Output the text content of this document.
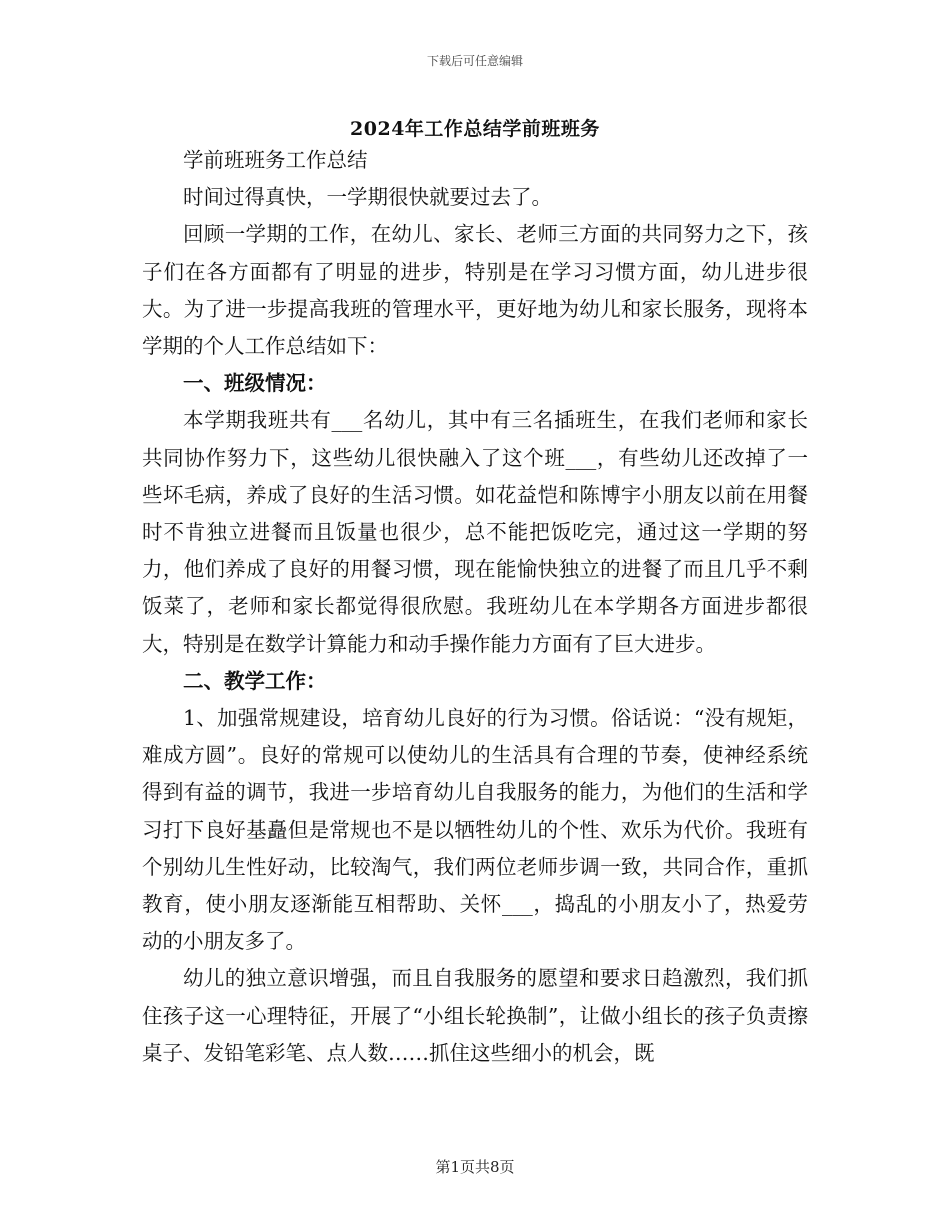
下载后可任意编辑
2024年工作总结学前班班务

学前班班务工作总结

时间过得真快，一学期很快就要过去了。

回顾一学期的工作，在幼儿、家长、老师三方面的共同努力之下，孩子们在各方面都有了明显的进步，特别是在学习习惯方面，幼儿进步很大。为了进一步提高我班的管理水平，更好地为幼儿和家长服务，现将本学期的个人工作总结如下：

一、班级情况：

本学期我班共有___名幼儿，其中有三名插班生，在我们老师和家长共同协作努力下，这些幼儿很快融入了这个班___，有些幼儿还改掉了一些坏毛病，养成了良好的生活习惯。如花益恺和陈博宇小朋友以前在用餐时不肯独立进餐而且饭量也很少，总不能把饭吃完，通过这一学期的努力，他们养成了良好的用餐习惯，现在能愉快独立的进餐了而且几乎不剩饭菜了，老师和家长都觉得很欣慰。我班幼儿在本学期各方面进步都很大，特别是在数学计算能力和动手操作能力方面有了巨大进步。

二、教学工作：

1、加强常规建设，培育幼儿良好的行为习惯。俗话说：“没有规矩，难成方圆”。良好的常规可以使幼儿的生活具有合理的节奏，使神经系统得到有益的调节，我进一步培育幼儿自我服务的能力，为他们的生活和学习打下良好基矗但是常规也不是以牺牲幼儿的个性、欢乐为代价。我班有个别幼儿生性好动，比较淘气，我们两位老师步调一致，共同合作，重抓教育，使小朋友逐渐能互相帮助、关怀___，捣乱的小朋友小了，热爱劳动的小朋友多了。

幼儿的独立意识增强，而且自我服务的愿望和要求日趋激烈，我们抓住孩子这一心理特征，开展了“小组长轮换制”，让做小组长的孩子负责擦桌子、发铅笔彩笔、点人数……抓住这些细小的机会，既

第1页共8页
